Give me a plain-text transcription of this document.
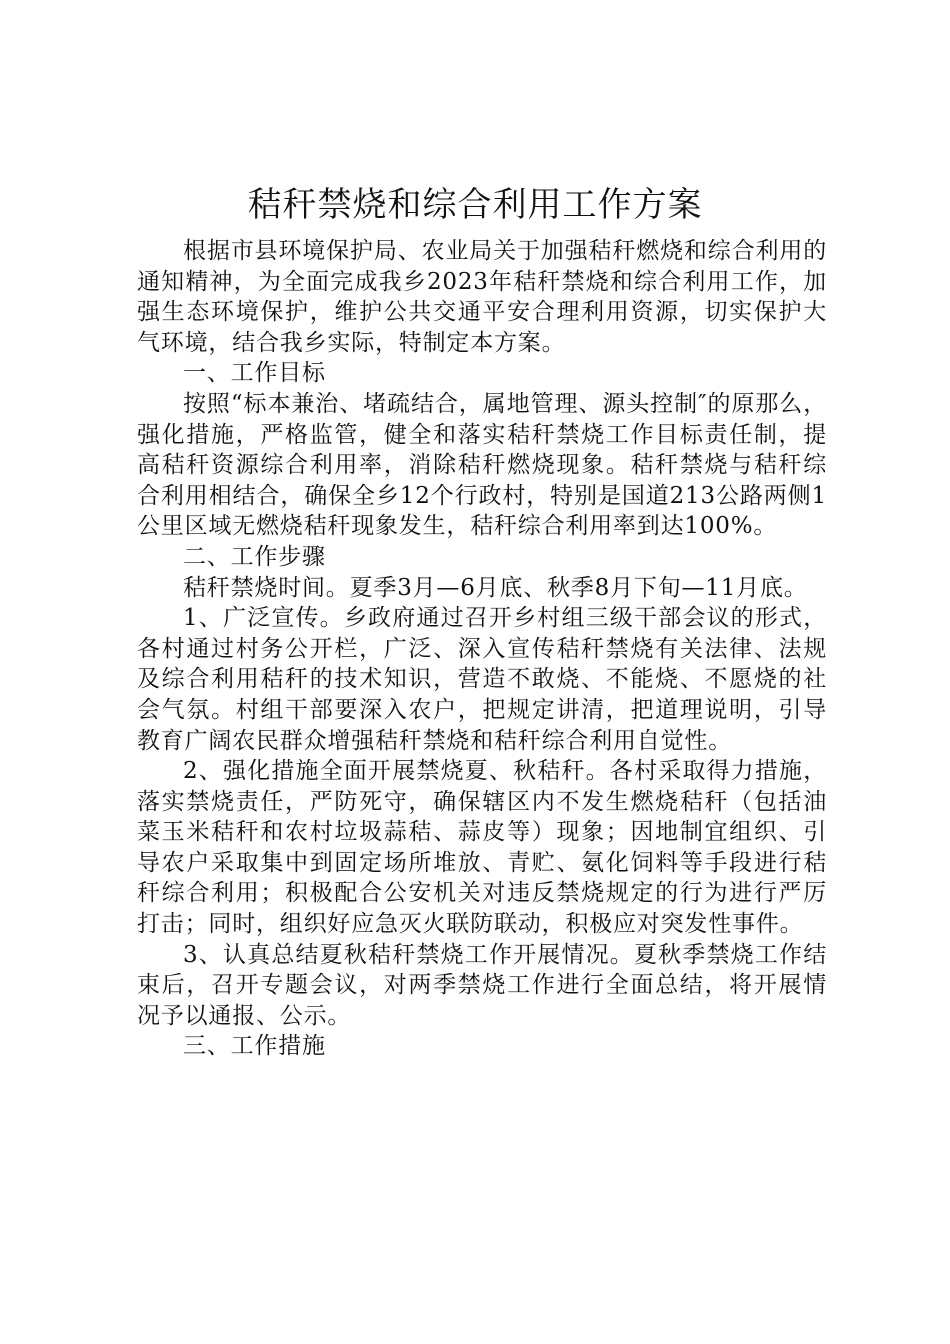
秸秆禁烧和综合利用工作方案

根据市县环境保护局、农业局关于加强秸秆燃烧和综合利用的通知精神，为全面完成我乡2023年秸秆禁烧和综合利用工作，加强生态环境保护，维护公共交通平安合理利用资源，切实保护大气环境，结合我乡实际，特制定本方案。

一、工作目标

按照“标本兼治、堵疏结合，属地管理、源头控制″的原那么，强化措施，严格监管，健全和落实秸秆禁烧工作目标责任制，提高秸秆资源综合利用率，消除秸秆燃烧现象。秸秆禁烧与秸秆综合利用相结合，确保全乡12个行政村，特别是国道213公路两侧1公里区域无燃烧秸秆现象发生，秸秆综合利用率到达100%。

二、工作步骤

秸秆禁烧时间。夏季3月—6月底、秋季8月下旬—11月底。

1、广泛宣传。乡政府通过召开乡村组三级干部会议的形式，各村通过村务公开栏，广泛、深入宣传秸秆禁烧有关法律、法规及综合利用秸秆的技术知识，营造不敢烧、不能烧、不愿烧的社会气氛。村组干部要深入农户，把规定讲清，把道理说明，引导教育广阔农民群众增强秸秆禁烧和秸秆综合利用自觉性。

2、强化措施全面开展禁烧夏、秋秸秆。各村采取得力措施，落实禁烧责任，严防死守，确保辖区内不发生燃烧秸秆（包括油菜玉米秸秆和农村垃圾蒜秸、蒜皮等）现象；因地制宜组织、引导农户采取集中到固定场所堆放、青贮、氨化饲料等手段进行秸秆综合利用；积极配合公安机关对违反禁烧规定的行为进行严厉打击；同时，组织好应急灭火联防联动，积极应对突发性事件。

3、认真总结夏秋秸秆禁烧工作开展情况。夏秋季禁烧工作结束后，召开专题会议，对两季禁烧工作进行全面总结，将开展情况予以通报、公示。

三、工作措施
